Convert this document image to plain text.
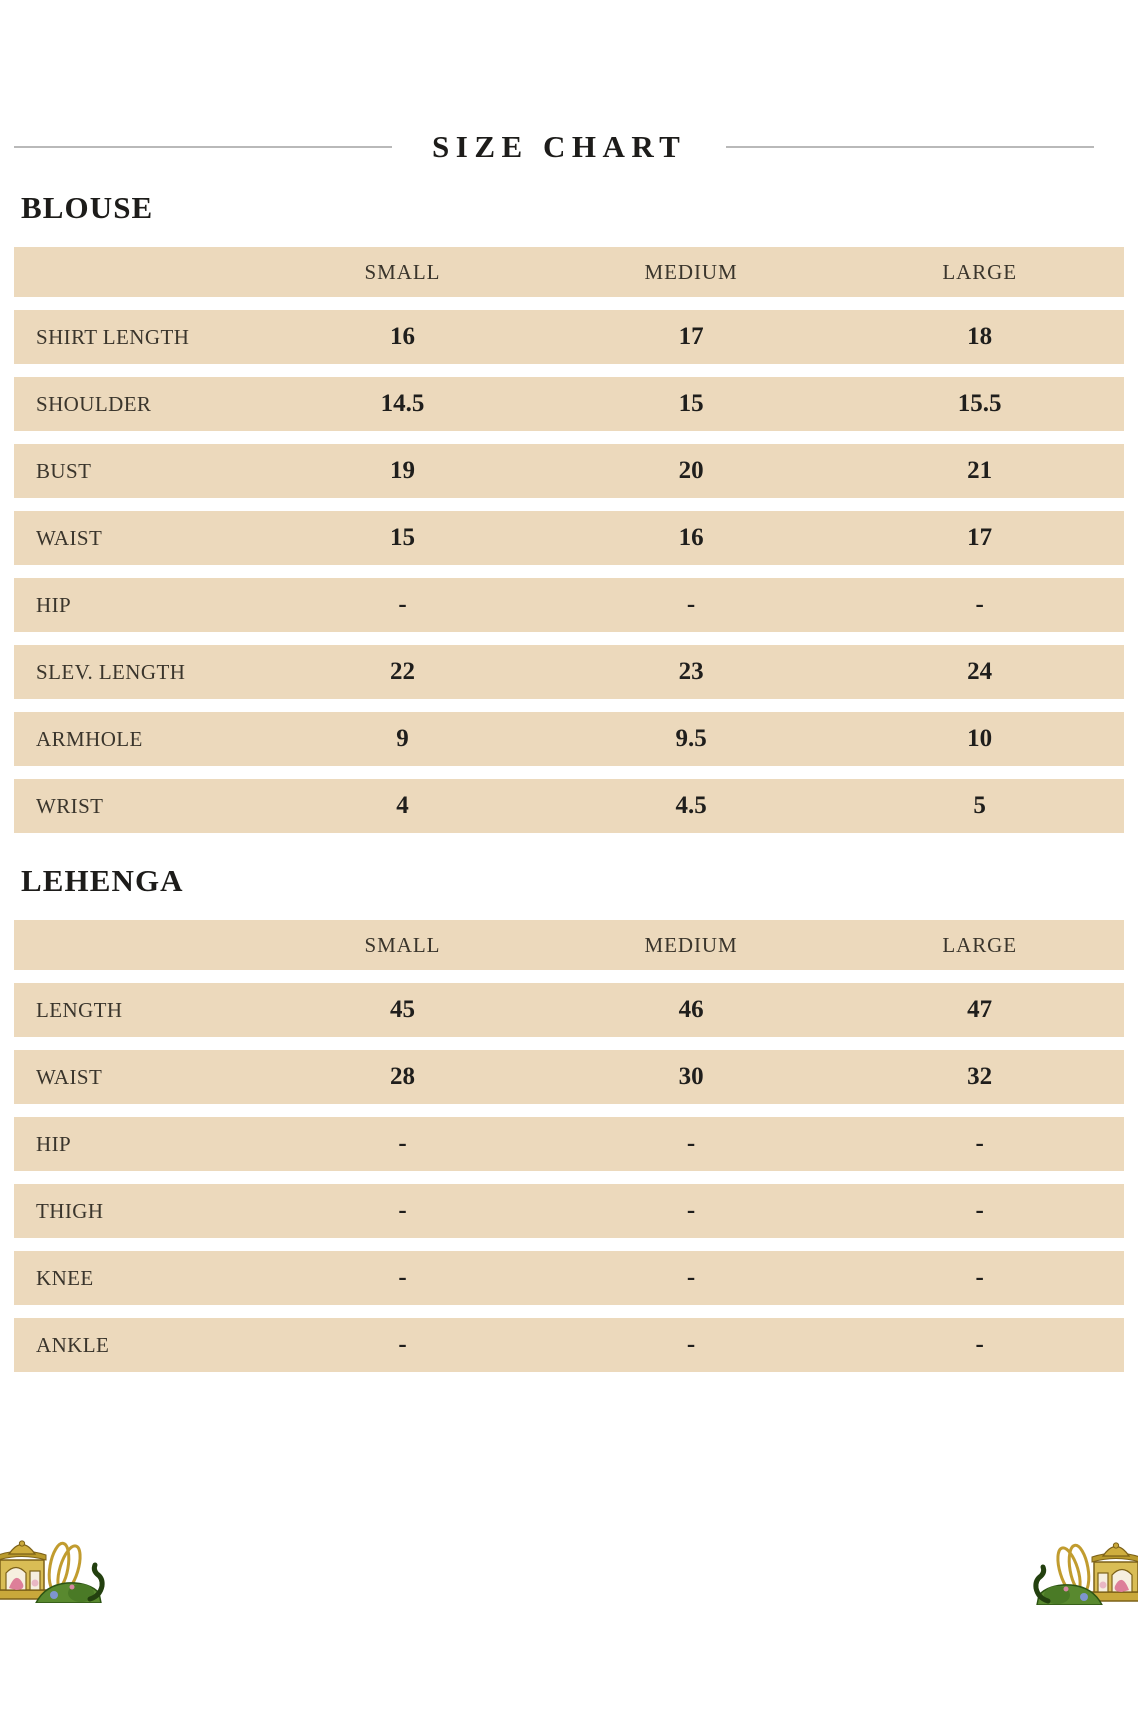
SIZE CHART
BLOUSE
SMALL	MEDIUM	LARGE
SHIRT LENGTH	16	17	18
SHOULDER	14.5	15	15.5
BUST	19	20	21
WAIST	15	16	17
HIP	-	-	-
SLEV. LENGTH	22	23	24
ARMHOLE	9	9.5	10
WRIST	4	4.5	5
LEHENGA
SMALL	MEDIUM	LARGE
LENGTH	45	46	47
WAIST	28	30	32
HIP	-	-	-
THIGH	-	-	-
KNEE	-	-	-
ANKLE	-	-	-
